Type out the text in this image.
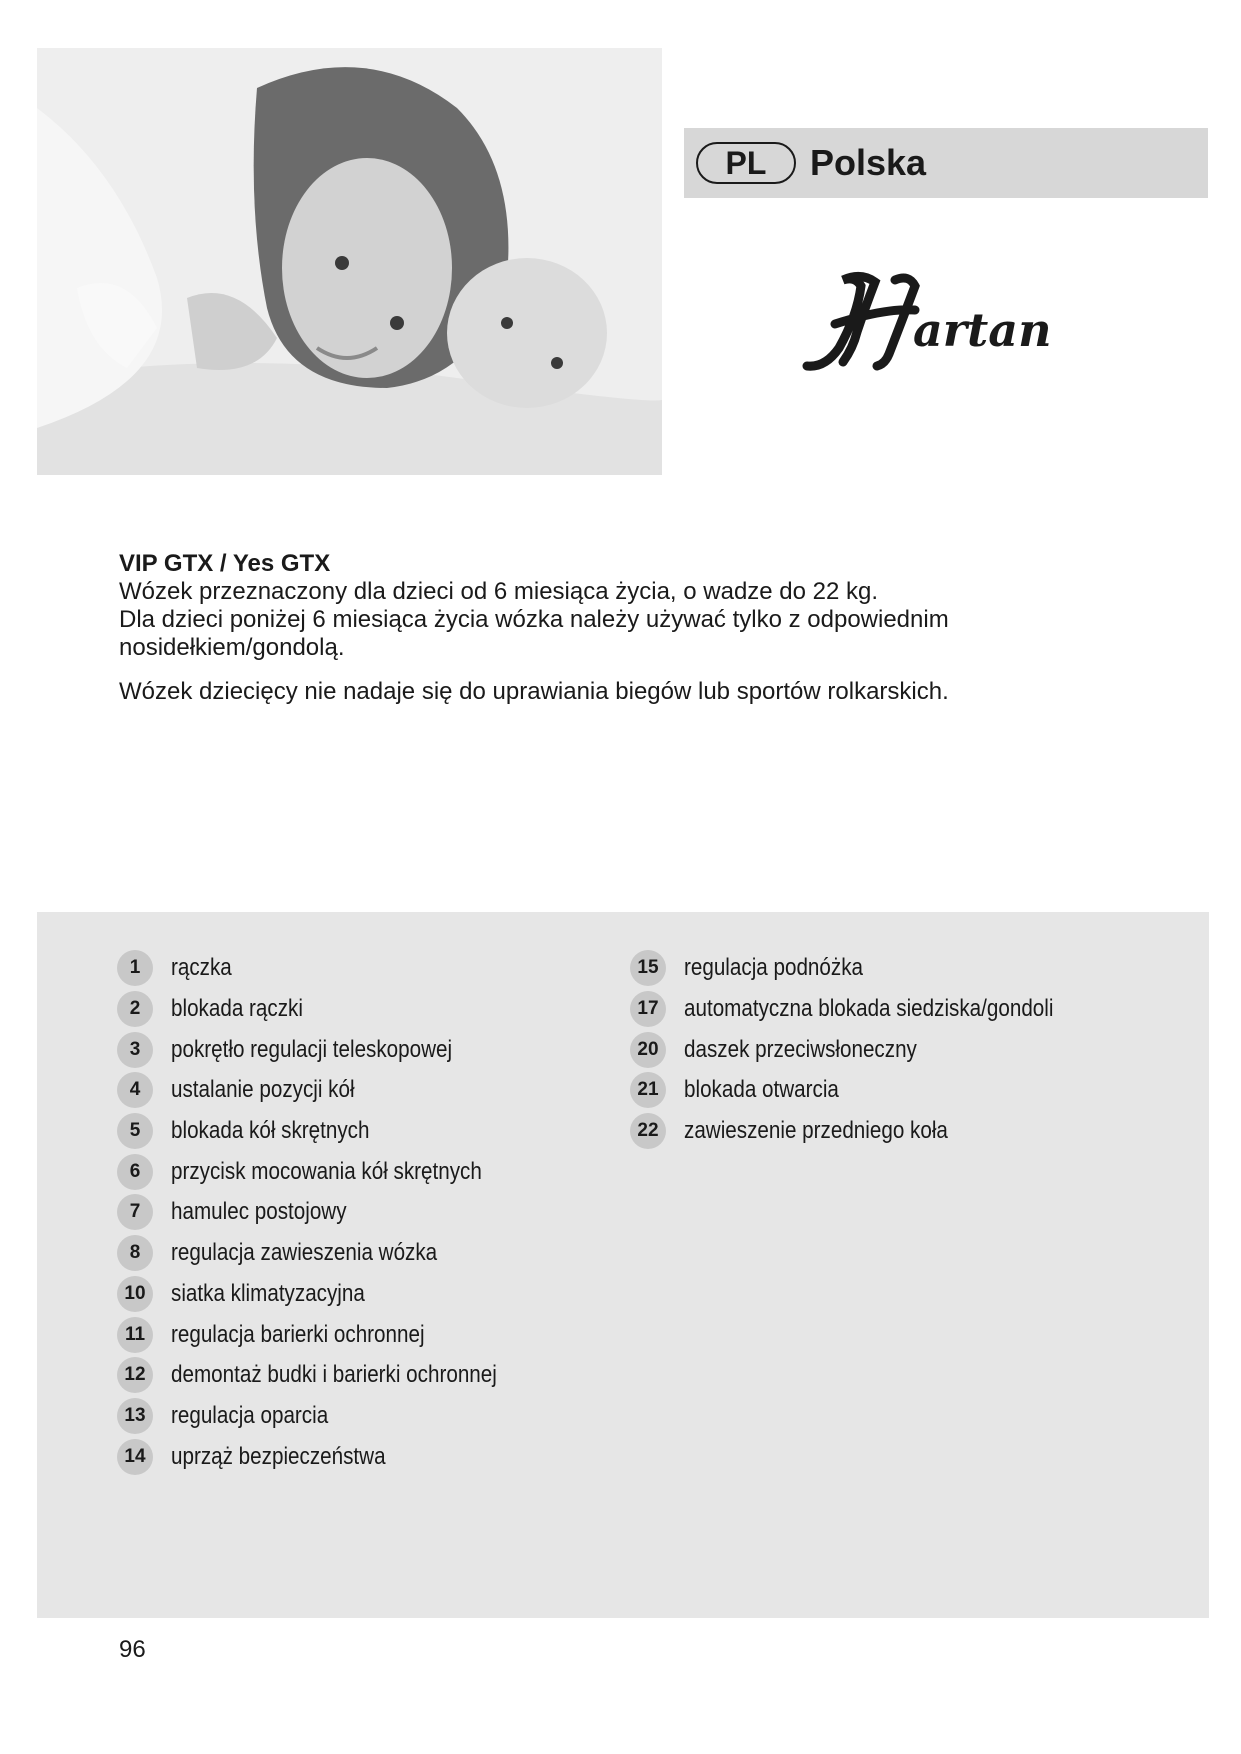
PL	Polska
artan

VIP GTX / Yes GTX

Wózek przeznaczony dla dzieci od 6 miesiąca życia, o wadze do 22 kg.

Dla dzieci poniżej 6 miesiąca życia wózka należy używać tylko z odpowiednim

nosidełkiem/gondolą.

Wózek dziecięcy nie nadaje się do uprawiania biegów lub sportów rolkarskich.

1	rączka
2	blokada rączki
3	pokrętło regulacji teleskopowej
4	ustalanie pozycji kół
5	blokada kół skrętnych
6	przycisk mocowania kół skrętnych
7	hamulec postojowy
8	regulacja zawieszenia wózka
10	siatka klimatyzacyjna
11	regulacja barierki ochronnej
12	demontaż budki i barierki ochronnej
13	regulacja oparcia
14	uprząż bezpieczeństwa
15	regulacja podnóżka
17	automatyczna blokada siedziska/gondoli
20	daszek przeciwsłoneczny
21	blokada otwarcia
22	zawieszenie przedniego koła
96
